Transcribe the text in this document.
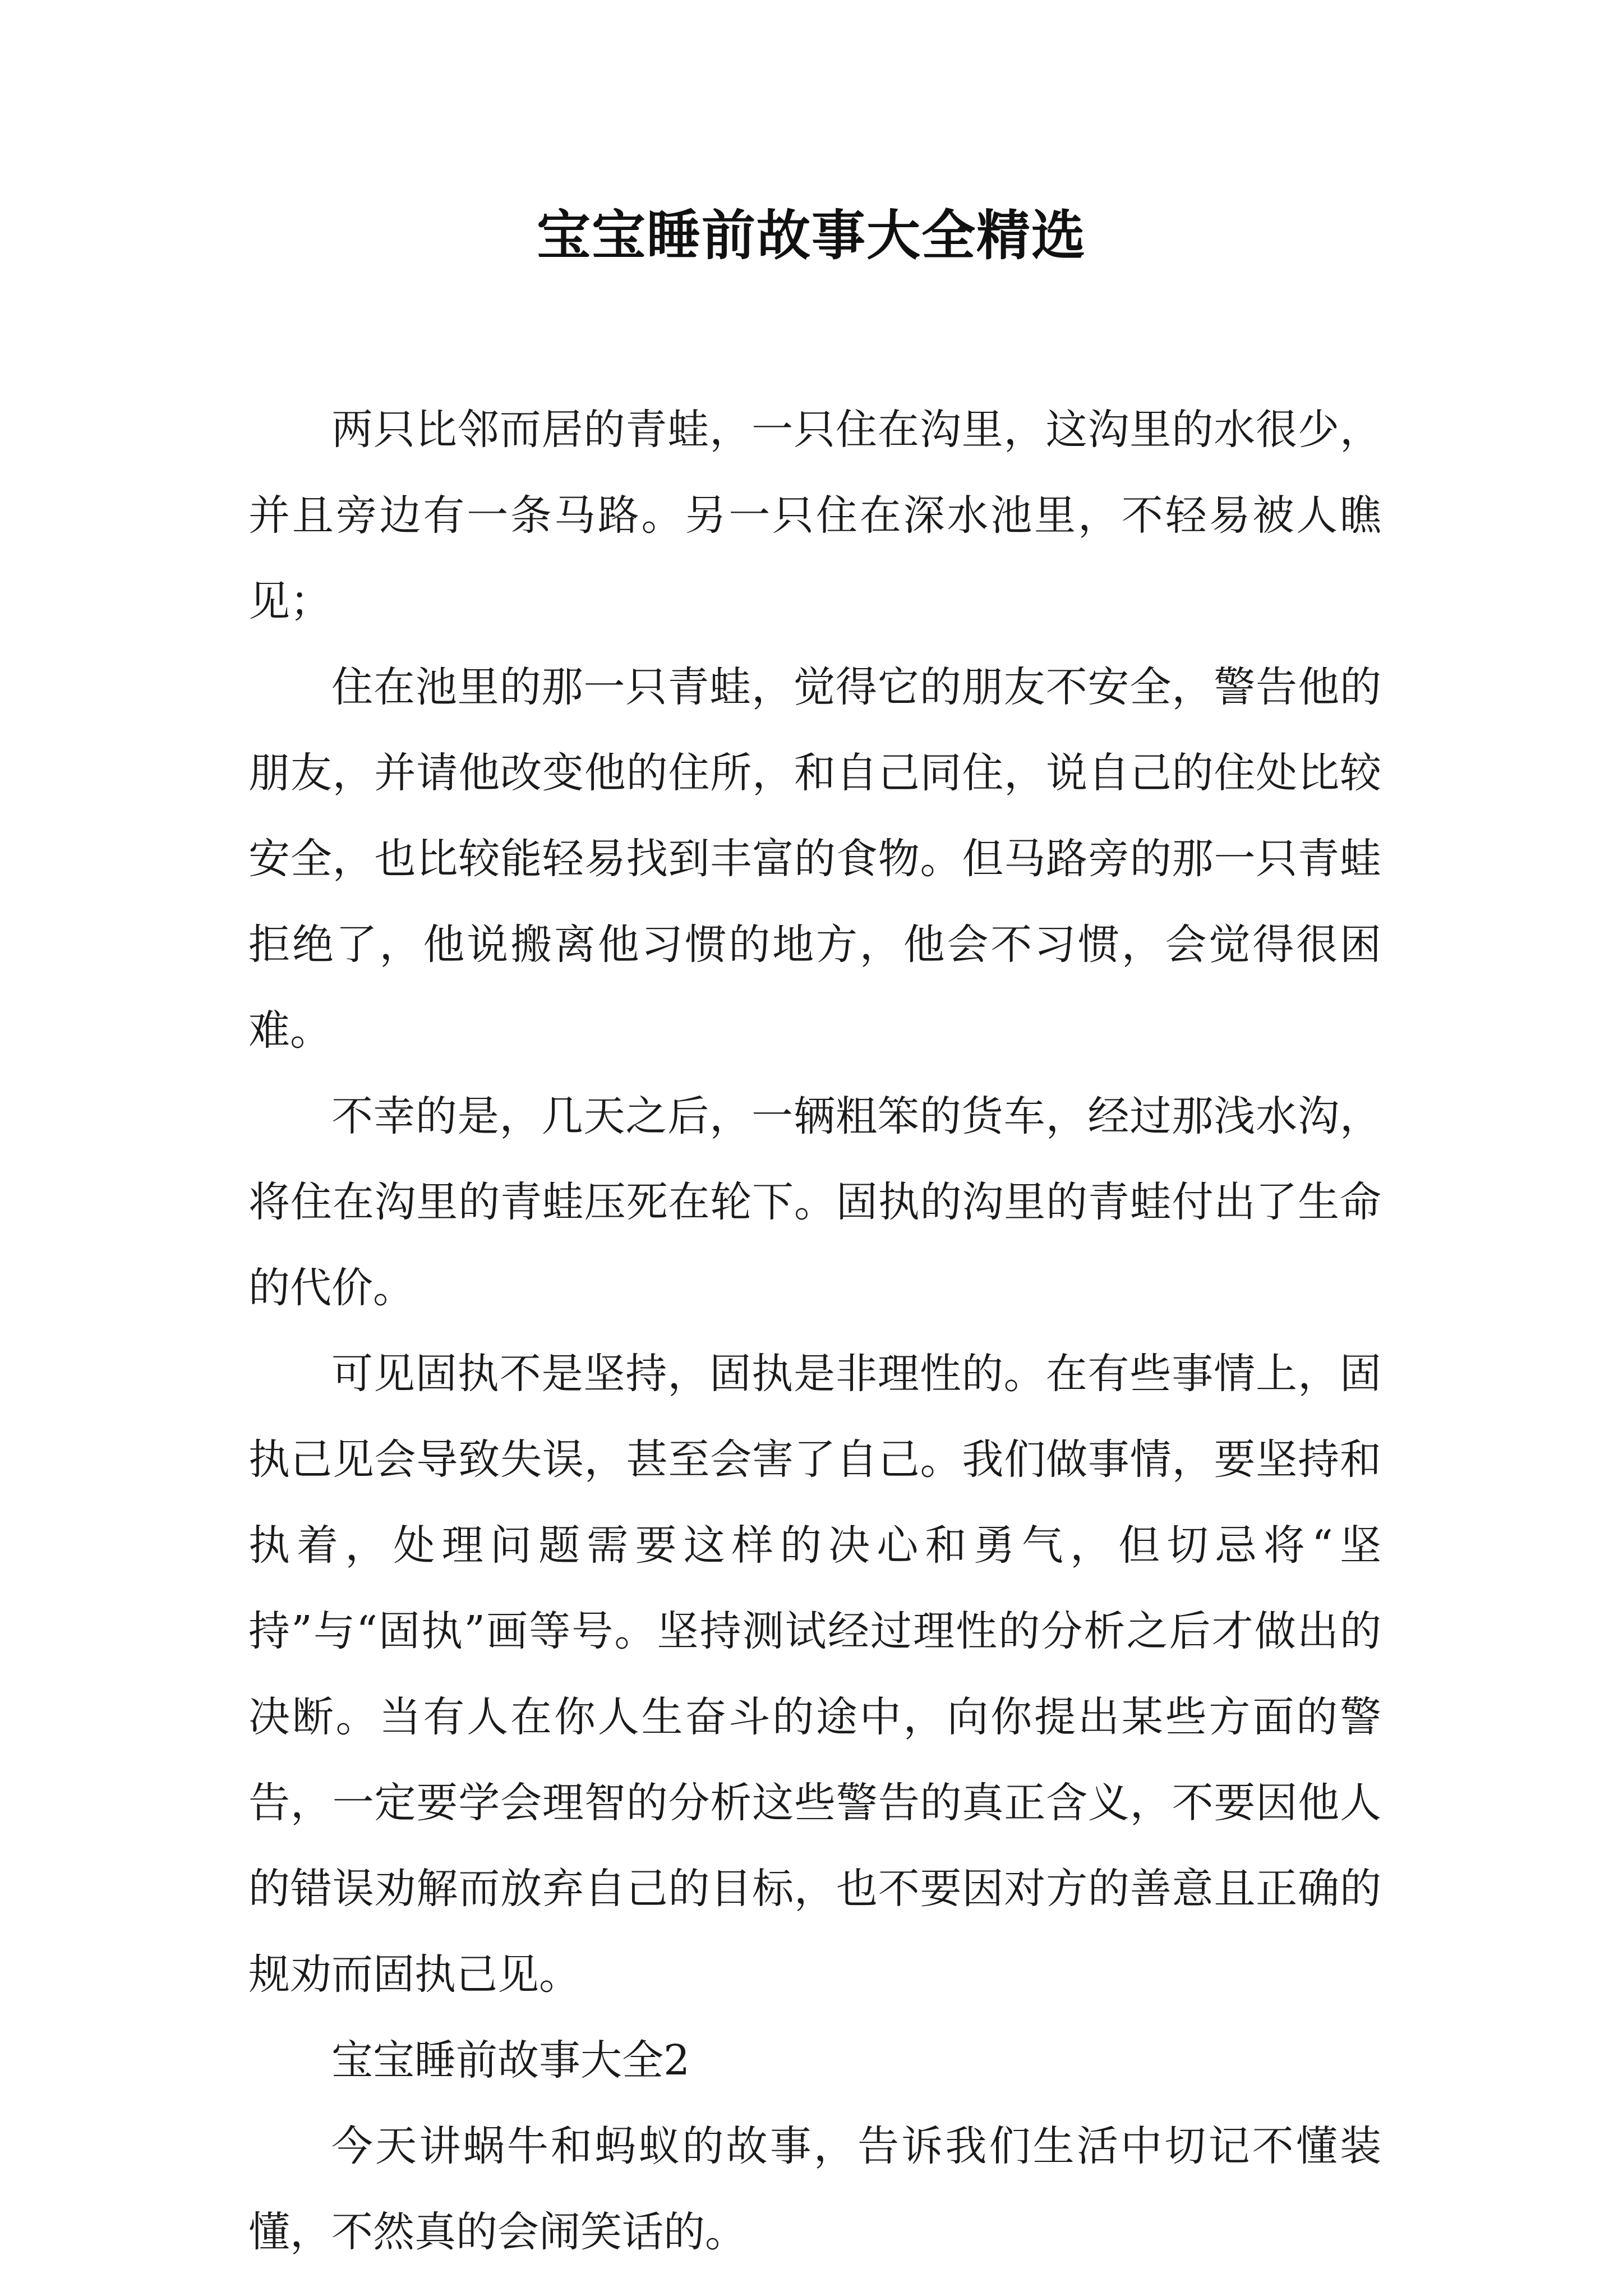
宝宝睡前故事大全精选

两只比邻而居的青蛙，一只住在沟里，这沟里的水很少，并且旁边有一条马路。另一只住在深水池里，不轻易被人瞧见；

住在池里的那一只青蛙，觉得它的朋友不安全，警告他的朋友，并请他改变他的住所，和自己同住，说自己的住处比较安全，也比较能轻易找到丰富的食物。但马路旁的那一只青蛙拒绝了，他说搬离他习惯的地方，他会不习惯，会觉得很困难。

不幸的是，几天之后，一辆粗笨的货车，经过那浅水沟，将住在沟里的青蛙压死在轮下。固执的沟里的青蛙付出了生命的代价。

可见固执不是坚持，固执是非理性的。在有些事情上，固执己见会导致失误，甚至会害了自己。我们做事情，要坚持和执着，处理问题需要这样的决心和勇气，但切忌将“坚持”与“固执”画等号。坚持测试经过理性的分析之后才做出的决断。当有人在你人生奋斗的途中，向你提出某些方面的警告，一定要学会理智的分析这些警告的真正含义，不要因他人的错误劝解而放弃自己的目标，也不要因对方的善意且正确的规劝而固执己见。

宝宝睡前故事大全2

今天讲蜗牛和蚂蚁的故事，告诉我们生活中切记不懂装懂，不然真的会闹笑话的。
